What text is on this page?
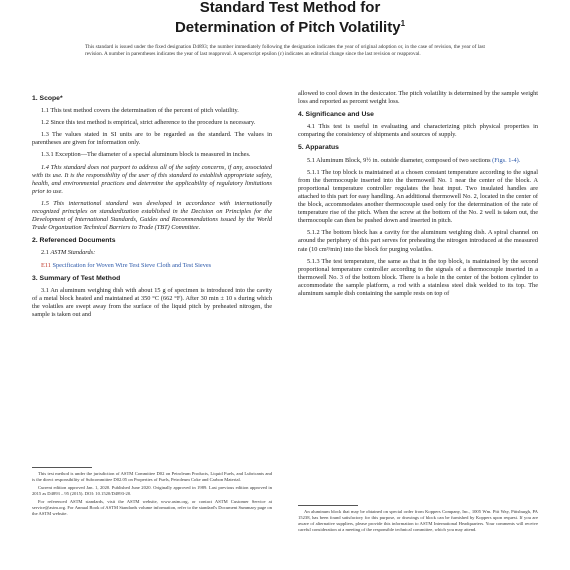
Standard Test Method for
Determination of Pitch Volatility$^1$
This standard is issued under the fixed designation D4893; the number immediately following the designation indicates the year of original adoption or, in the case of revision, the year of last revision. A number in parentheses indicates the year of last reapproval. A superscript epsilon (ε) indicates an editorial change since the last revision or reapproval.
1. Scope*

1.1 This test method covers the determination of the percent of pitch volatility.

1.2 Since this test method is empirical, strict adherence to the procedure is necessary.

1.3 The values stated in SI units are to be regarded as the standard. The values in parentheses are given for information only.

1.3.1 Exception—The diameter of a special aluminum block is measured in inches.

1.4 This standard does not purport to address all of the safety concerns, if any, associated with its use. It is the responsibility of the user of this standard to establish appropriate safety, health, and environmental practices and determine the applicability of regulatory limitations prior to use.

1.5 This international standard was developed in accordance with internationally recognized principles on standardization established in the Decision on Principles for the Development of International Standards, Guides and Recommendations issued by the World Trade Organization Technical Barriers to Trade (TBT) Committee.

2. Referenced Documents

2.1 ASTM Standards:

E11 Specification for Woven Wire Test Sieve Cloth and Test Sieves

3. Summary of Test Method

3.1 An aluminum weighing dish with about 15 g of specimen is introduced into the cavity of a metal block heated and maintained at 350 °C (662 °F). After 30 min ± 10 s during which the volatiles are swept away from the surface of the liquid pitch by preheated nitrogen, the sample is taken out and

allowed to cool down in the desiccator. The pitch volatility is determined by the sample weight loss and reported as percent weight loss.

4. Significance and Use

4.1 This test is useful in evaluating and characterizing pitch physical properties in comparing the consistency of shipments and sources of supply.

5. Apparatus

5.1 Aluminum Block, 9½ in. outside diameter, composed of two sections (Figs. 1-4).

5.1.1 The top block is maintained at a chosen constant temperature according to the signal from the thermocouple inserted into the thermowell No. 1 near the center of the block. A proportional temperature controller regulates the heat input. Two insulated handles are attached to this part for easy handling. An additional thermowell No. 2, located in the center of the block, accommodates another thermocouple used only for the determination of the rate of temperature rise of the pitch. When the screw at the bottom of the No. 2 well is taken out, the thermocouple can then be pushed down and inserted in pitch.

5.1.2 The bottom block has a cavity for the aluminum weighing dish. A spiral channel on around the periphery of this part serves for preheating the nitrogen introduced at the measured rate (10 cm³/min) into the block for purging volatiles.

5.1.3 The test temperature, the same as that in the top block, is maintained by the second proportional temperature controller according to the signals of a thermocouple inserted in a thermowell No. 3 of the bottom block. There is a hole in the center of the bottom cylinder to accommodate the sample platform, a rod with a stainless steel disk welded to its top. The aluminum sample dish containing the sample rests on top of

This test method is under the jurisdiction of ASTM Committee D02 on Petroleum Products, Liquid Fuels, and Lubricants and is the direct responsibility of Subcommittee D02.05 on Properties of Fuels, Petroleum Coke and Carbon Material.

Current edition approved Jan. 1, 2020. Published June 2020. Originally approved in 1989. Last previous edition approved in 2015 as D4893 – 95 (2015). DOI: 10.1520/D4893-20.

For referenced ASTM standards, visit the ASTM website, www.astm.org, or contact ASTM Customer Service at service@astm.org. For Annual Book of ASTM Standards volume information, refer to the standard's Document Summary page on the ASTM website.	An aluminum block that may be obtained on special order from Koppers Company, Inc., 1005 Wm. Pitt Way, Pittsburgh, PA 15238, has been found satisfactory for this purpose, or drawings of block can be furnished by Koppers upon request. If you are aware of alternative suppliers, please provide this information to ASTM International Headquarters. Your comments will receive careful consideration at a meeting of the responsible technical committee, which you may attend.
